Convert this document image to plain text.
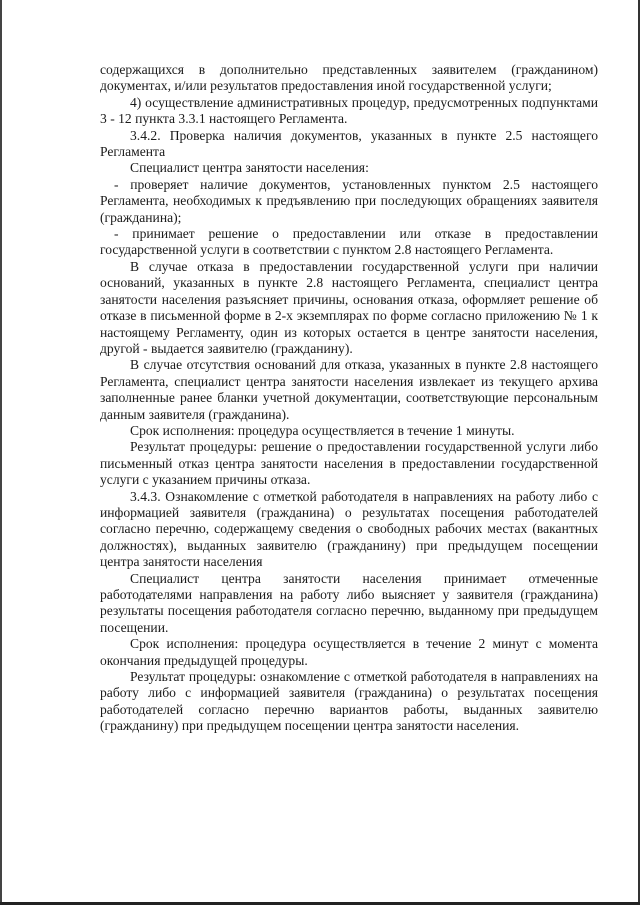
содержащихся в дополнительно представленных заявителем (гражданином) документах, и/или результатов предоставления иной государственной услуги;

4) осуществление административных процедур, предусмотренных подпунктами 3 - 12 пункта 3.3.1 настоящего Регламента.

3.4.2. Проверка наличия документов, указанных в пункте 2.5 настоящего Регламента

Специалист центра занятости населения:

- проверяет наличие документов, установленных пунктом 2.5 настоящего Регламента, необходимых к предъявлению при последующих обращениях заявителя (гражданина);

- принимает решение о предоставлении или отказе в предоставлении государственной услуги в соответствии с пунктом 2.8 настоящего Регламента.

В случае отказа в предоставлении государственной услуги при наличии оснований, указанных в пункте 2.8 настоящего Регламента, специалист центра занятости населения разъясняет причины, основания отказа, оформляет решение об отказе в письменной форме в 2-х экземплярах по форме согласно приложению № 1 к настоящему Регламенту, один из которых остается в центре занятости населения, другой - выдается заявителю (гражданину).

В случае отсутствия оснований для отказа, указанных в пункте 2.8 настоящего Регламента, специалист центра занятости населения извлекает из текущего архива заполненные ранее бланки учетной документации, соответствующие персональным данным заявителя (гражданина).

Срок исполнения: процедура осуществляется в течение 1 минуты.

Результат процедуры: решение о предоставлении государственной услуги либо письменный отказ центра занятости населения в предоставлении государственной услуги с указанием причины отказа.

3.4.3. Ознакомление с отметкой работодателя в направлениях на работу либо с информацией заявителя (гражданина) о результатах посещения работодателей согласно перечню, содержащему сведения о свободных рабочих местах (вакантных должностях), выданных заявителю (гражданину) при предыдущем посещении центра занятости населения

Специалист центра занятости населения принимает отмеченные работодателями направления на работу либо выясняет у заявителя (гражданина) результаты посещения работодателя согласно перечню, выданному при предыдущем посещении.

Срок исполнения: процедура осуществляется в течение 2 минут с момента окончания предыдущей процедуры.

Результат процедуры: ознакомление с отметкой работодателя в направлениях на работу либо с информацией заявителя (гражданина) о результатах посещения работодателей согласно перечню вариантов работы, выданных заявителю (гражданину) при предыдущем посещении центра занятости населения.
